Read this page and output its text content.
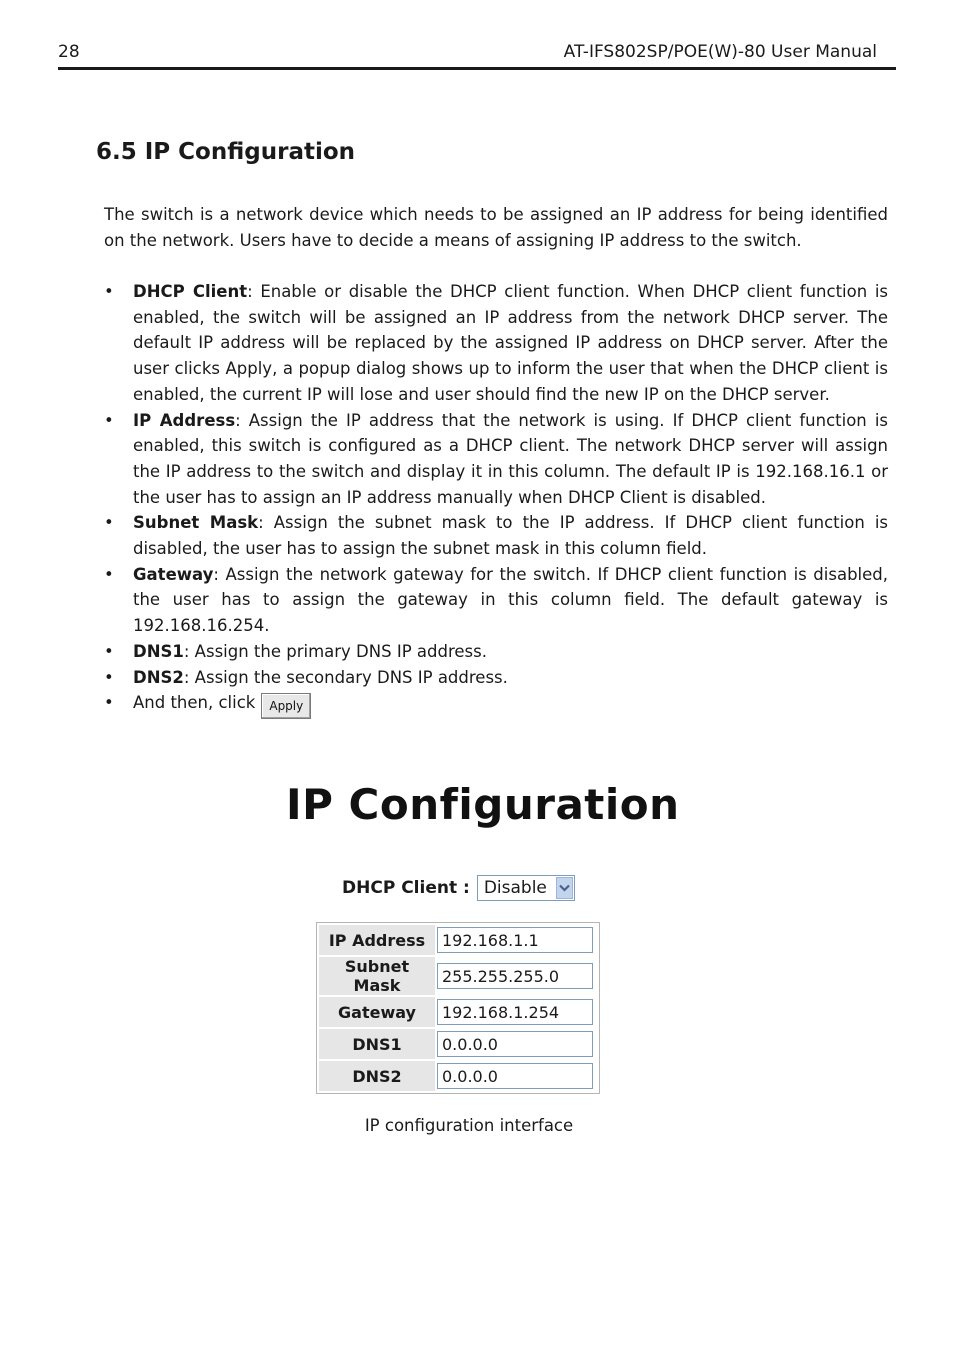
28	AT-IFS802SP/POE(W)-80 User Manual
6.5 IP Configuration

The switch is a network device which needs to be assigned an IP address for being identified on the network. Users have to decide a means of assigning IP address to the switch.

• DHCP Client: Enable or disable the DHCP client function. When DHCP client function is enabled, the switch will be assigned an IP address from the network DHCP server. The default IP address will be replaced by the assigned IP address on DHCP server. After the user clicks Apply, a popup dialog shows up to inform the user that when the DHCP client is enabled, the current IP will lose and user should find the new IP on the DHCP server.
• IP Address: Assign the IP address that the network is using. If DHCP client function is enabled, this switch is configured as a DHCP client. The network DHCP server will assign the IP address to the switch and display it in this column. The default IP is 192.168.16.1 or the user has to assign an IP address manually when DHCP Client is disabled.
• Subnet Mask: Assign the subnet mask to the IP address. If DHCP client function is disabled, the user has to assign the subnet mask in this column field.
• Gateway: Assign the network gateway for the switch. If DHCP client function is disabled, the user has to assign the gateway in this column field. The default gateway is 192.168.16.254.
• DNS1: Assign the primary DNS IP address.
• DNS2: Assign the secondary DNS IP address.
• And then, click Apply
IP Configuration
DHCP Client : Disable
IP Address	192.168.1.1

Subnet Mask	255.255.255.0

Gateway	192.168.1.254

DNS1	0.0.0.0

DNS2	0.0.0.0

IP configuration interface
